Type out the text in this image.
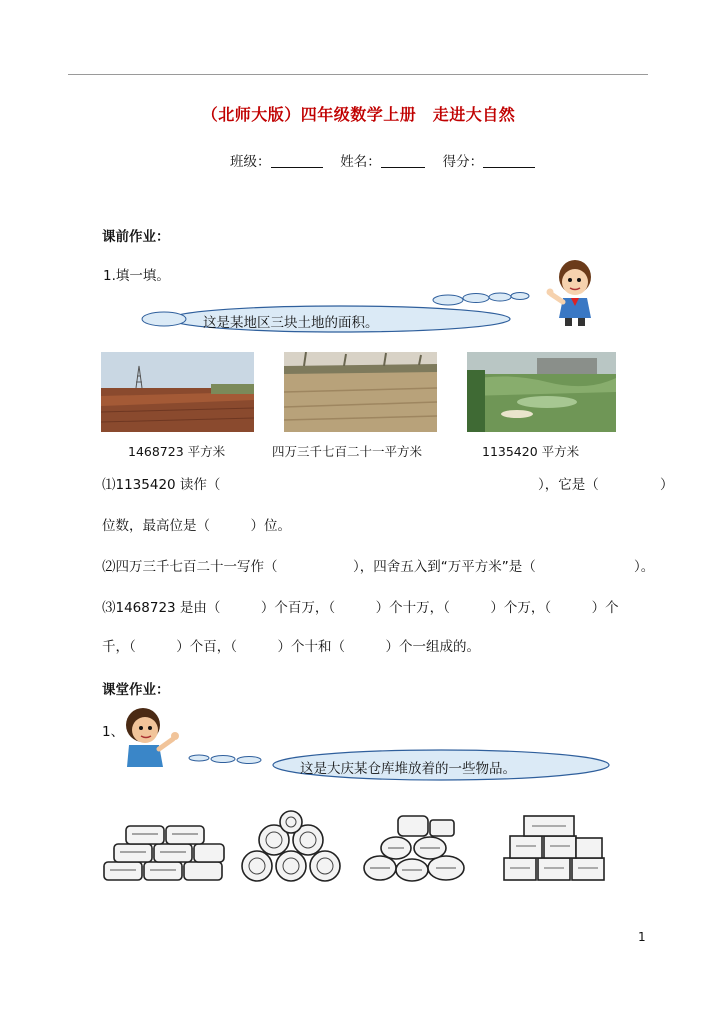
（北师大版）四年级数学上册　走进大自然
班级：　	姓名：　	得分：
课前作业：
1.填一填。
这是某地区三块土地的面积。
1468723 平方米	四万三千七百二十一平方米	1135420 平方米
⑴1135420 读作（	），它是（	）
位数，最高位是（　　　）位。
⑵四万三千七百二十一写作（	），四舍五入到“万平方米”是（	）。
⑶1468723 是由（　　　）个百万，（　　　）个十万，（　　　）个万，（　　　）个
千，（　　　）个百，（　　　）个十和（　　　）个一组成的。
课堂作业：
1、
这是大庆某仓库堆放着的一些物品。
1
